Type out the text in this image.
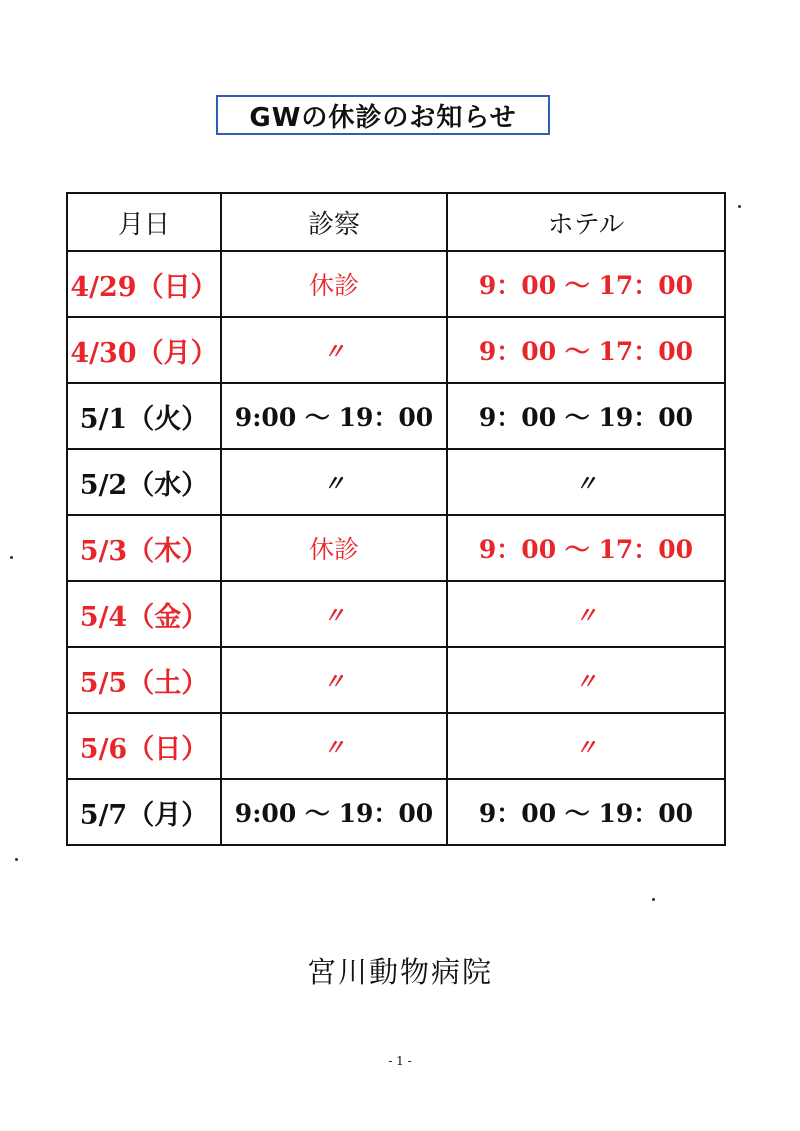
GWの休診のお知らせ
月日	診察	ホテル
4/29（日）	休診	9：00 〜 17：00
4/30（月）	〃	9：00 〜 17：00
5/1（火）	9:00 〜 19：00	9：00 〜 19：00
5/2（水）	〃	〃
5/3（木）	休診	9：00 〜 17：00
5/4（金）	〃	〃
5/5（土）	〃	〃
5/6（日）	〃	〃
5/7（月）	9:00 〜 19：00	9：00 〜 19：00
宮川動物病院
- 1 -
